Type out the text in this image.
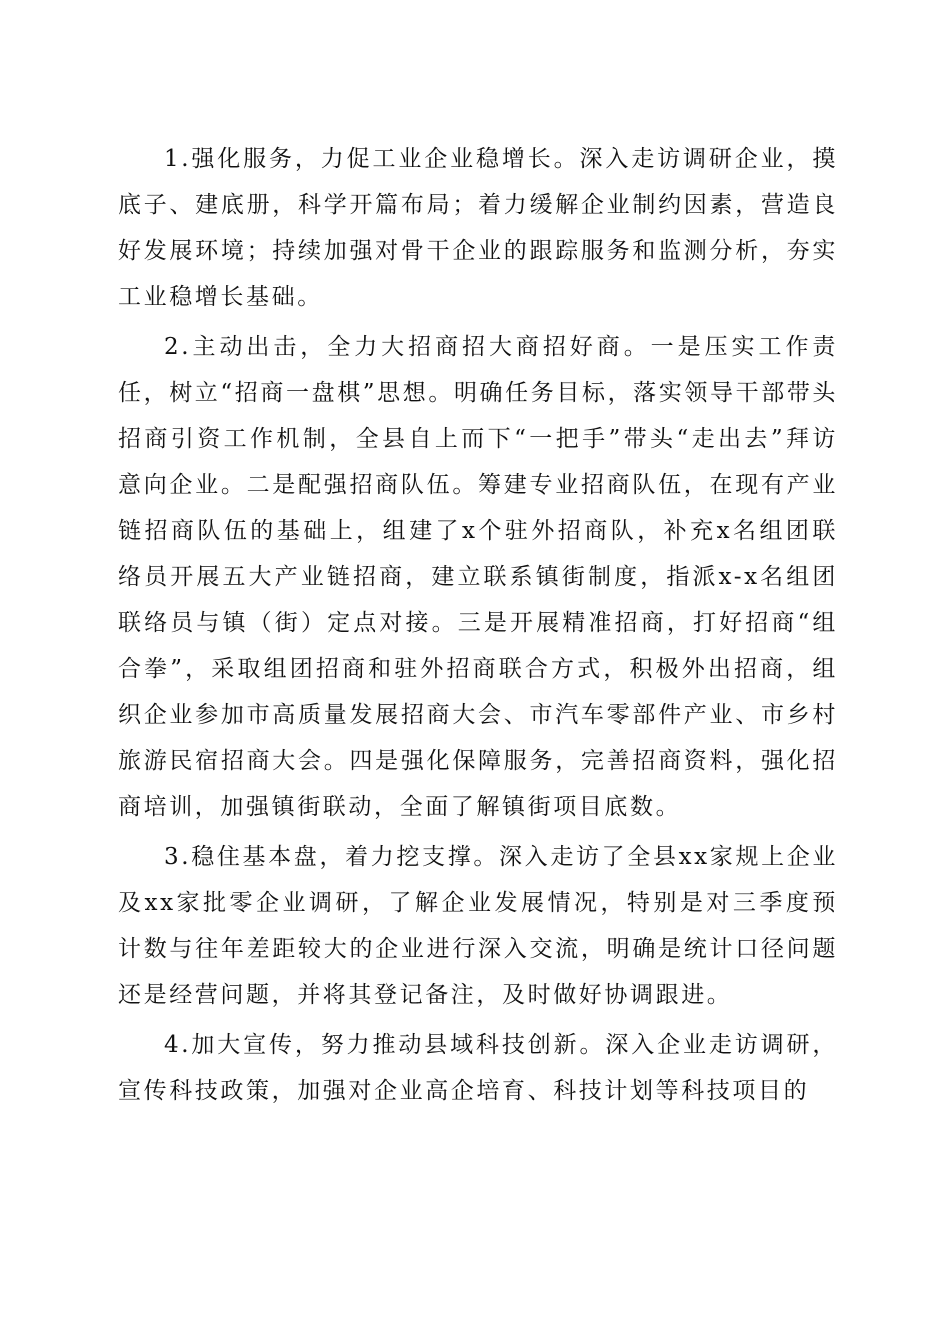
1.强化服务，力促工业企业稳增长。深入走访调研企业，摸底子、建底册，科学开篇布局；着力缓解企业制约因素，营造良好发展环境；持续加强对骨干企业的跟踪服务和监测分析，夯实工业稳增长基础。

2.主动出击，全力大招商招大商招好商。一是压实工作责任，树立“招商一盘棋”思想。明确任务目标，落实领导干部带头招商引资工作机制，全县自上而下“一把手”带头“走出去”拜访意向企业。二是配强招商队伍。筹建专业招商队伍，在现有产业链招商队伍的基础上，组建了x个驻外招商队，补充x名组团联络员开展五大产业链招商，建立联系镇街制度，指派x-x名组团联络员与镇（街）定点对接。三是开展精准招商，打好招商“组合拳”，采取组团招商和驻外招商联合方式，积极外出招商，组织企业参加市高质量发展招商大会、市汽车零部件产业、市乡村旅游民宿招商大会。四是强化保障服务，完善招商资料，强化招商培训，加强镇街联动，全面了解镇街项目底数。

3.稳住基本盘，着力挖支撑。深入走访了全县xx家规上企业及xx家批零企业调研，了解企业发展情况，特别是对三季度预计数与往年差距较大的企业进行深入交流，明确是统计口径问题还是经营问题，并将其登记备注，及时做好协调跟进。

4.加大宣传，努力推动县域科技创新。深入企业走访调研，宣传科技政策，加强对企业高企培育、科技计划等科技项目的
